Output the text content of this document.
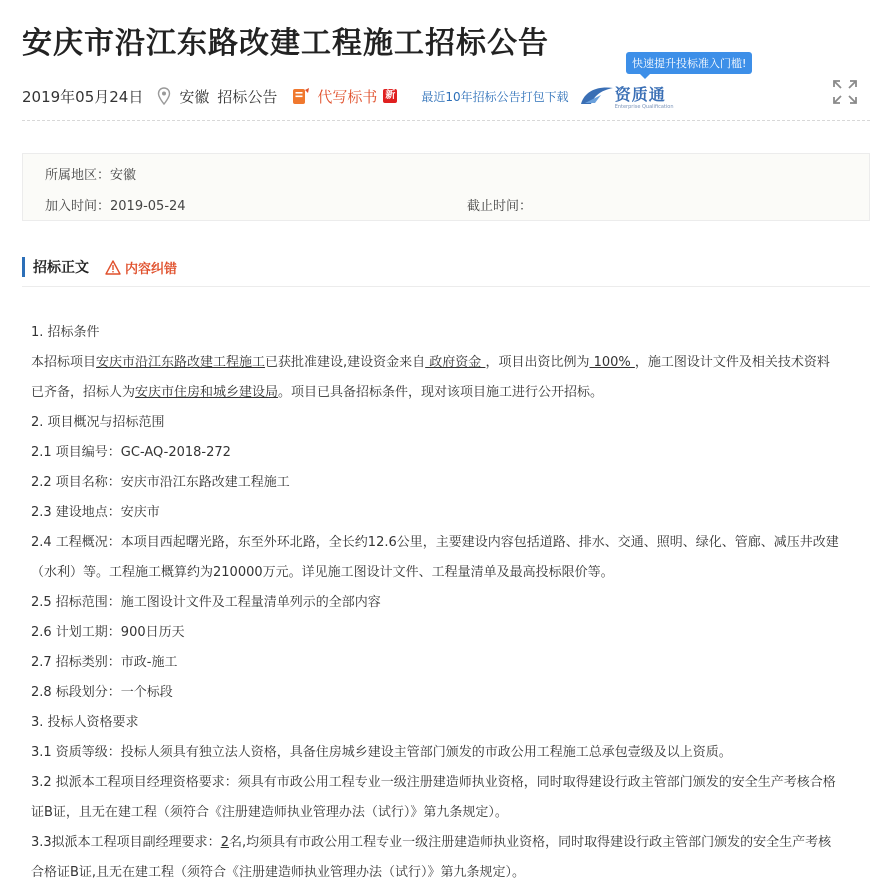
安庆市沿江东路改建工程施工招标公告
快速提升投标准入门槛!
2019年05月24日 安徽 招标公告	代写标书 新 最近10年招标公告打包下载	资质通
Enterprise Qualification
所属地区：安徽
加入时间：2019-05-24	截止时间：
招标正文	内容纠错

1. 招标条件

本招标项目安庆市沿江东路改建工程施工已获批准建设,建设资金来自 政府资金 ，项目出资比例为 100% ，施工图设计文件及相关技术资料已齐备，招标人为安庆市住房和城乡建设局。项目已具备招标条件，现对该项目施工进行公开招标。

2. 项目概况与招标范围

2.1 项目编号：GC-AQ-2018-272

2.2 项目名称：安庆市沿江东路改建工程施工

2.3 建设地点：安庆市

2.4 工程概况：本项目西起曙光路，东至外环北路，全长约12.6公里，主要建设内容包括道路、排水、交通、照明、绿化、管廊、减压井改建（水利）等。工程施工概算约为210000万元。详见施工图设计文件、工程量清单及最高投标限价等。

2.5 招标范围：施工图设计文件及工程量清单列示的全部内容

2.6 计划工期：900日历天

2.7 招标类别：市政-施工

2.8 标段划分：一个标段

3. 投标人资格要求

3.1 资质等级：投标人须具有独立法人资格，具备住房城乡建设主管部门颁发的市政公用工程施工总承包壹级及以上资质。

3.2 拟派本工程项目经理资格要求：须具有市政公用工程专业一级注册建造师执业资格，同时取得建设行政主管部门颁发的安全生产考核合格证B证，且无在建工程（须符合《注册建造师执业管理办法（试行）》第九条规定）。

3.3拟派本工程项目副经理要求：2名,均须具有市政公用工程专业一级注册建造师执业资格，同时取得建设行政主管部门颁发的安全生产考核合格证B证,且无在建工程（须符合《注册建造师执业管理办法（试行）》第九条规定）。
